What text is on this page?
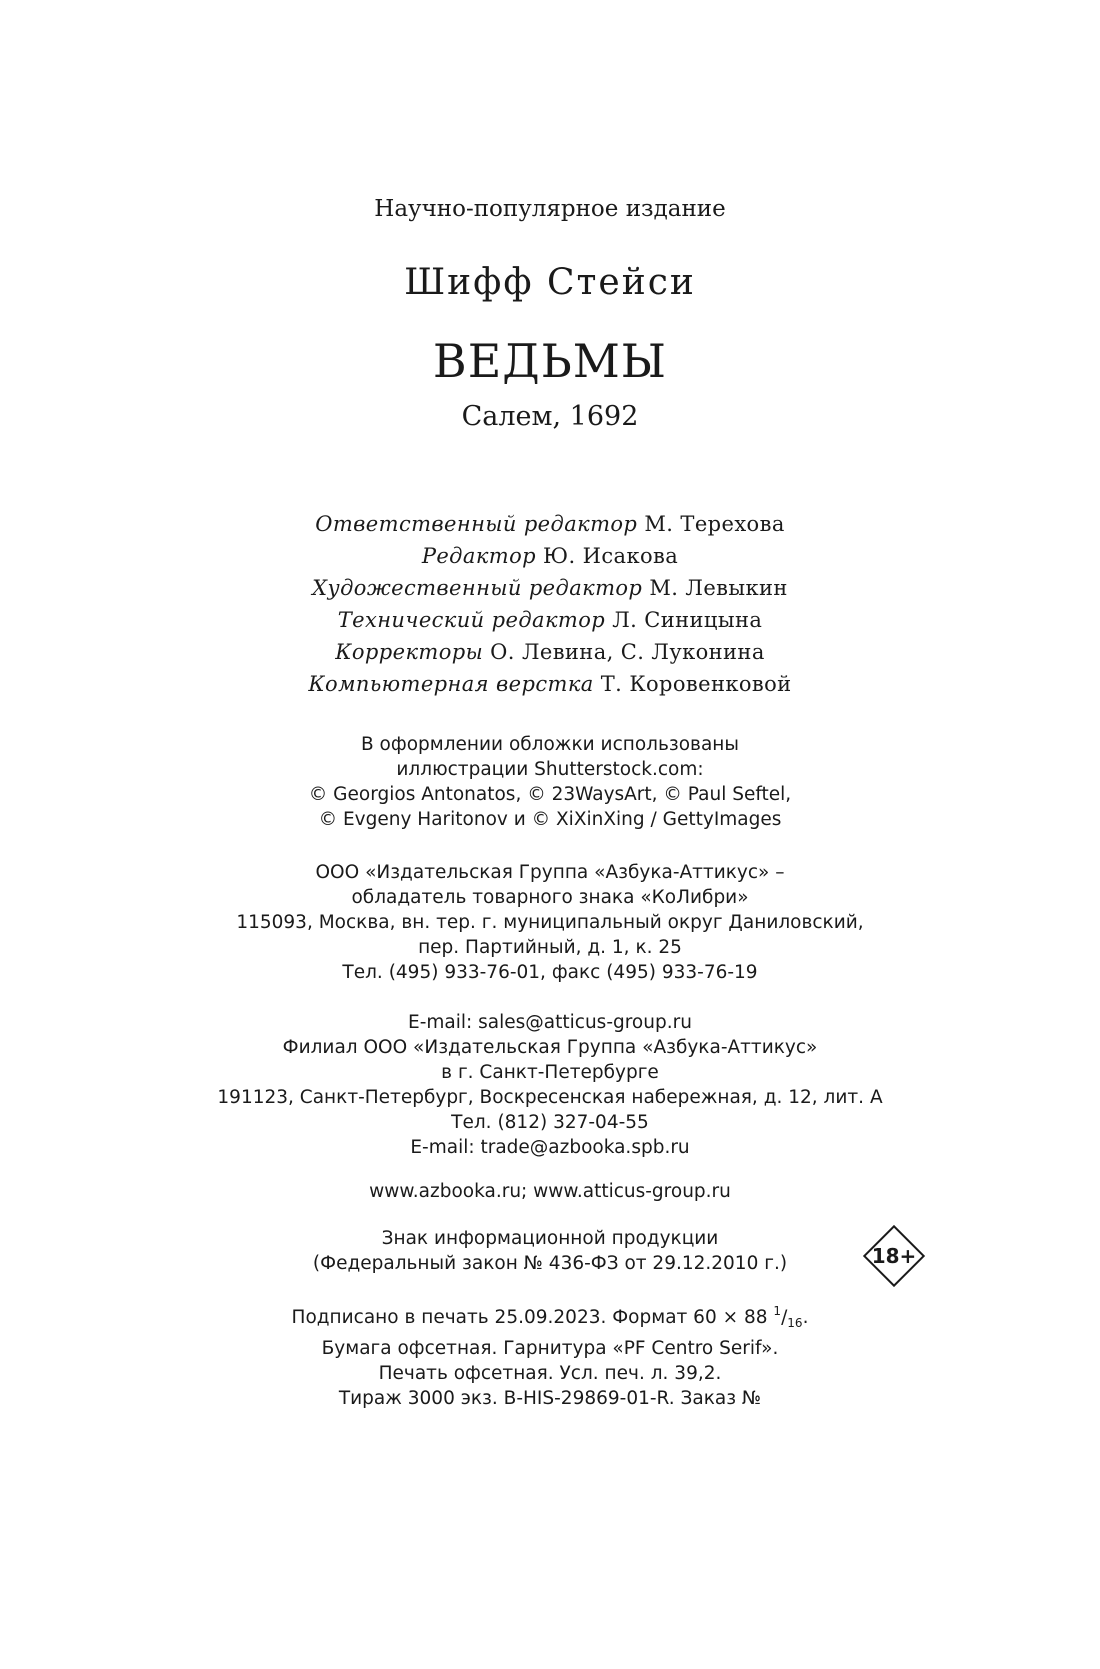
Научно-популярное издание
Шифф Стейси
ВЕДЬМЫ
Салем, 1692
Ответственный редактор М. Терехова
Редактор Ю. Исакова
Художественный редактор М. Левыкин
Технический редактор Л. Синицына
Корректоры О. Левина, С. Луконина
Компьютерная верстка Т. Коровенковой
В оформлении обложки использованы
иллюстрации Shutterstock.com:
© Georgios Antonatos, © 23WaysArt, © Paul Seftel,
© Evgeny Haritonov и © XiXinXing / GettyImages
ООО «Издательская Группа «Азбука-Аттикус» –
обладатель товарного знака «КоЛибри»
115093, Москва, вн. тер. г. муниципальный округ Даниловский,
пер. Партийный, д. 1, к. 25
Тел. (495) 933-76-01, факс (495) 933-76-19
E-mail: sales@atticus-group.ru
Филиал ООО «Издательская Группа «Азбука-Аттикус»
в г. Санкт-Петербурге
191123, Санкт-Петербург, Воскресенская набережная, д. 12, лит. А
Тел. (812) 327-04-55
E-mail: trade@azbooka.spb.ru
www.azbooka.ru; www.atticus-group.ru
Знак информационной продукции
(Федеральный закон № 436-ФЗ от 29.12.2010 г.)	18+
Подписано в печать 25.09.2023. Формат 60 × 88 $^1/_{16}$.
Бумага офсетная. Гарнитура «PF Centro Serif».
Печать офсетная. Усл. печ. л. 39,2.
Тираж 3000 экз. B-HIS-29869-01-R. Заказ №
